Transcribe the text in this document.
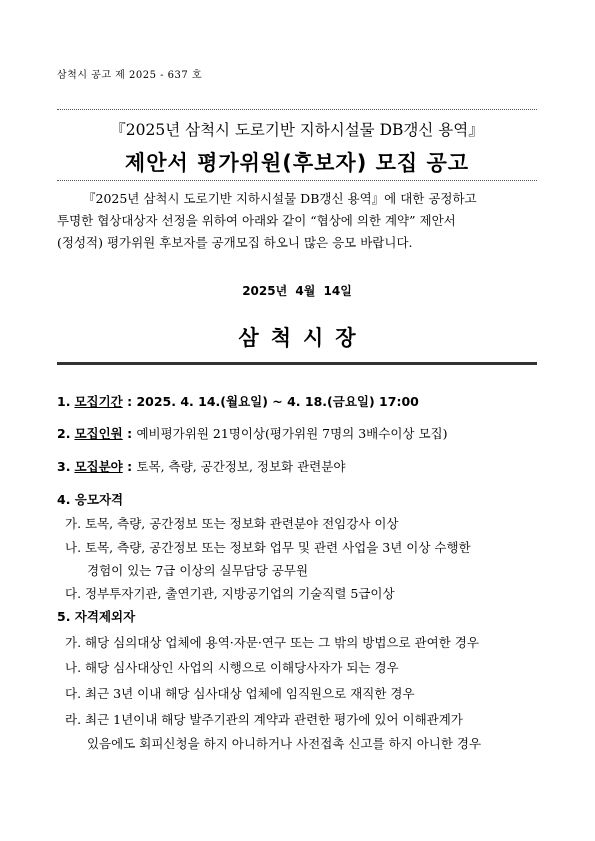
삼척시 공고 제 2025 - 637 호
『2025년 삼척시 도로기반 지하시설물 DB갱신 용역』
제안서 평가위원(후보자) 모집 공고

『2025년 삼척시 도로기반 지하시설물 DB갱신 용역』에 대한 공정하고

투명한 협상대상자 선정을 위하여 아래와 같이 “협상에 의한 계약” 제안서

(정성적) 평가위원 후보자를 공개모집 하오니 많은 응모 바랍니다.

2025년 4월 14일
삼척시장
1. 모집기간 : 2025. 4. 14.(월요일) ~ 4. 18.(금요일) 17:00
2. 모집인원 : 예비평가위원 21명이상(평가위원 7명의 3배수이상 모집)
3. 모집분야 : 토목, 측량, 공간정보, 정보화 관련분야
4. 응모자격
가. 토목, 측량, 공간정보 또는 정보화 관련분야 전임강사 이상
나. 토목, 측량, 공간정보 또는 정보화 업무 및 관련 사업을 3년 이상 수행한
경험이 있는 7급 이상의 실무담당 공무원
다. 정부투자기관, 출연기관, 지방공기업의 기술직렬 5급이상
5. 자격제외자
가. 해당 심의대상 업체에 용역·자문·연구 또는 그 밖의 방법으로 관여한 경우
나. 해당 심사대상인 사업의 시행으로 이해당사자가 되는 경우
다. 최근 3년 이내 해당 심사대상 업체에 임직원으로 재직한 경우
라. 최근 1년이내 해당 발주기관의 계약과 관련한 평가에 있어 이해관계가
있음에도 회피신청을 하지 아니하거나 사전접촉 신고를 하지 아니한 경우
